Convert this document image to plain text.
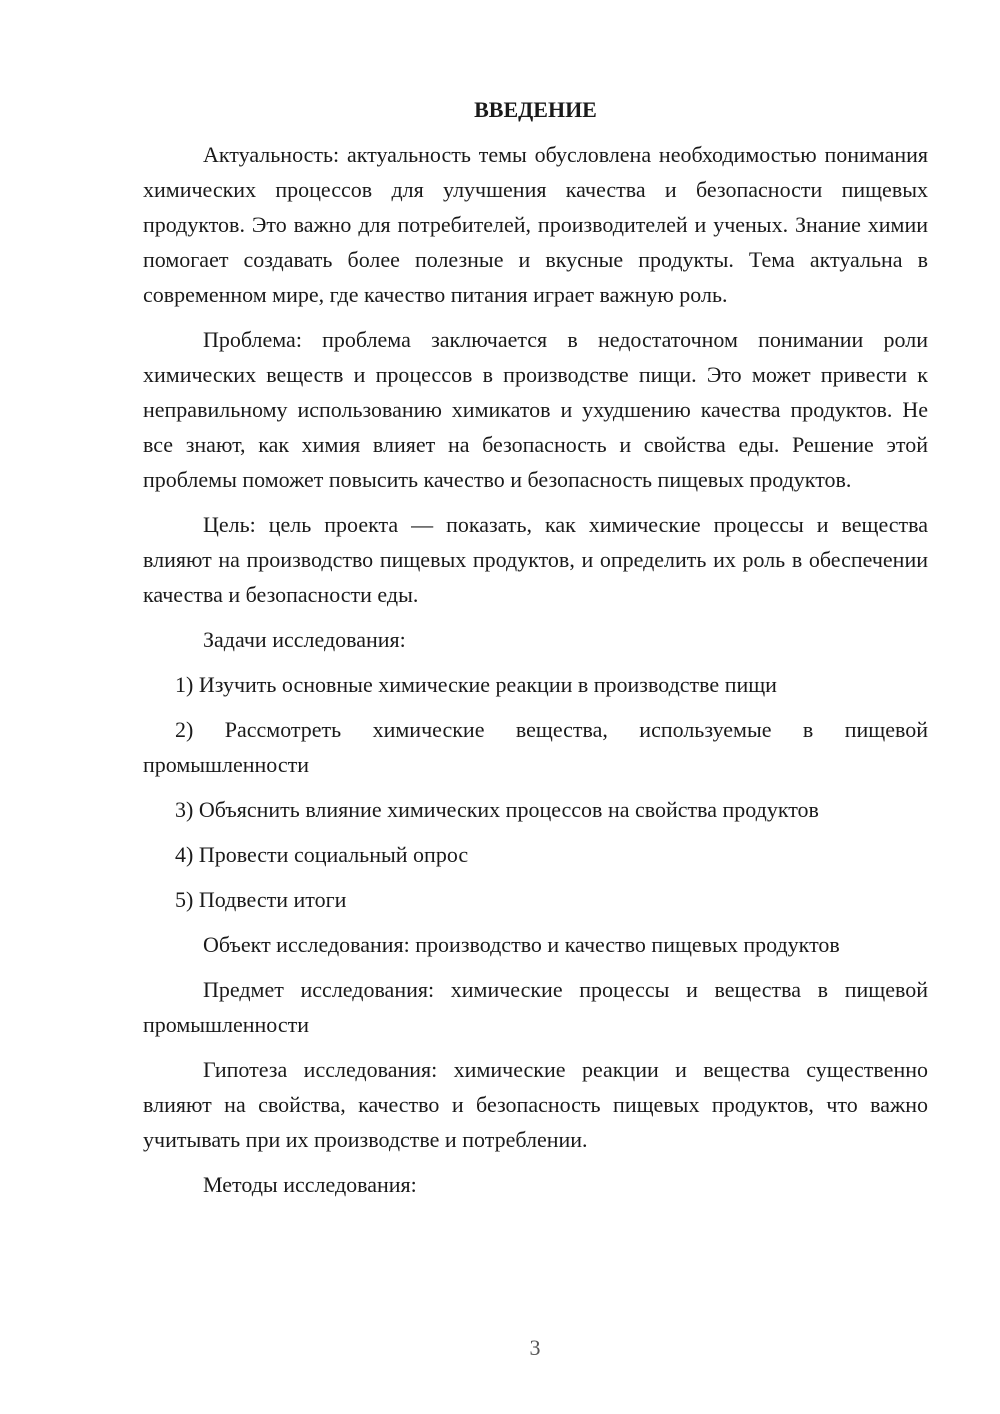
ВВЕДЕНИЕ

Актуальность: актуальность темы обусловлена необходимостью понимания химических процессов для улучшения качества и безопасности пищевых продуктов. Это важно для потребителей, производителей и ученых. Знание химии помогает создавать более полезные и вкусные продукты. Тема актуальна в современном мире, где качество питания играет важную роль.

Проблема: проблема заключается в недостаточном понимании роли химических веществ и процессов в производстве пищи. Это может привести к неправильному использованию химикатов и ухудшению качества продуктов. Не все знают, как химия влияет на безопасность и свойства еды. Решение этой проблемы поможет повысить качество и безопасность пищевых продуктов.

Цель: цель проекта — показать, как химические процессы и вещества влияют на производство пищевых продуктов, и определить их роль в обеспечении качества и безопасности еды.

Задачи исследования:

1) Изучить основные химические реакции в производстве пищи

2) Рассмотреть химические вещества, используемые в пищевой промышленности

3) Объяснить влияние химических процессов на свойства продуктов

4) Провести социальный опрос

5) Подвести итоги

Объект исследования: производство и качество пищевых продуктов

Предмет исследования: химические процессы и вещества в пищевой промышленности

Гипотеза исследования: химические реакции и вещества существенно влияют на свойства, качество и безопасность пищевых продуктов, что важно учитывать при их производстве и потреблении.

Методы исследования:

3
